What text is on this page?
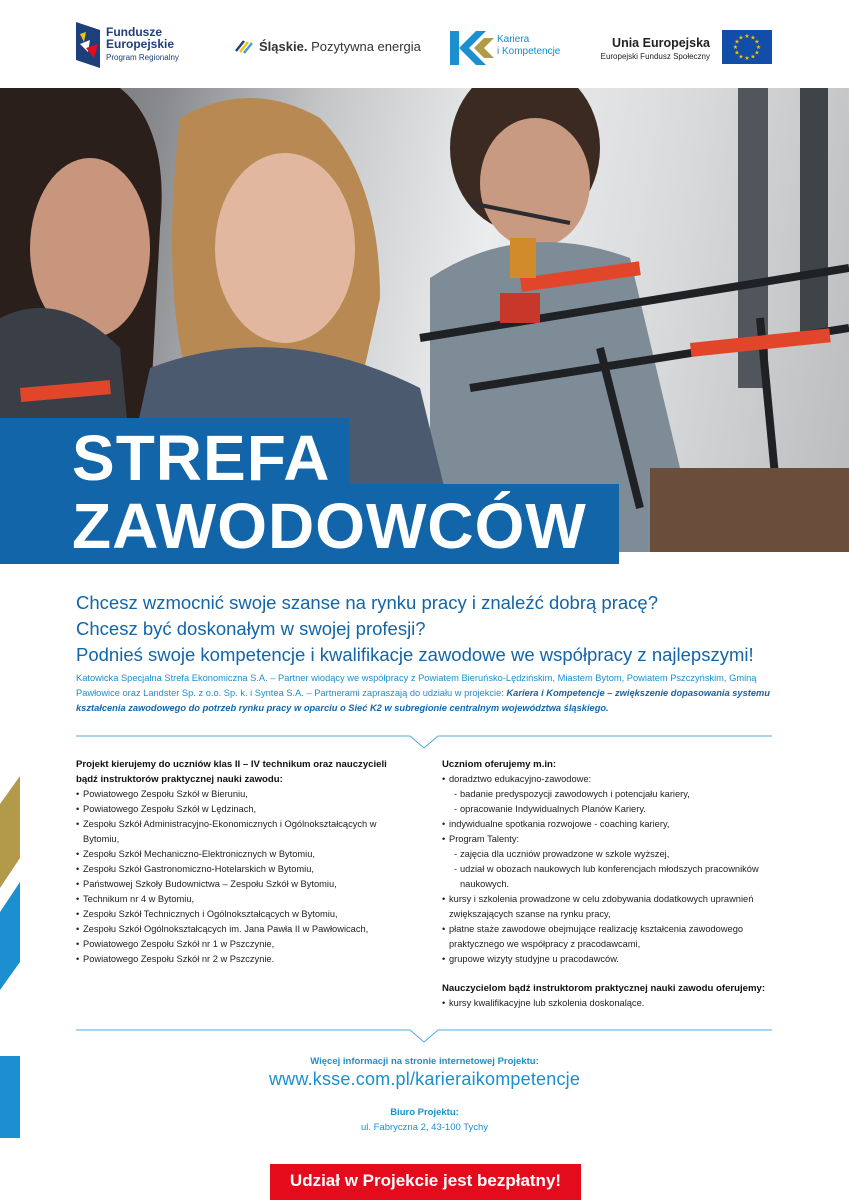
Fundusze
Europejskie
Program Regionalny
Śląskie. Pozytywna energia	Kariera
i Kompetencje
Unia Europejska
Europejski Fundusz Społeczny
★ ★
★
★
★
★
★
★
★
★
★
★
STREFA
ZAWODOWCÓW
Chcesz wzmocnić swoje szanse na rynku pracy i znaleźć dobrą pracę?
Chcesz być doskonałym w swojej profesji?
Podnieś swoje kompetencje i kwalifikacje zawodowe we współpracy z najlepszymi!

Katowicka Specjalna Strefa Ekonomiczna S.A. – Partner wiodący we współpracy z Powiatem Bieruńsko-Lędzińskim, Miastem Bytom, Powiatem Pszczyńskim, Gminą Pawłowice oraz Landster Sp. z o.o. Sp. k. i Syntea S.A. – Partnerami zapraszają do udziału w projekcie: Kariera i Kompetencje – zwiększenie dopasowania systemu kształcenia zawodowego do potrzeb rynku pracy w oparciu o Sieć K2 w subregionie centralnym województwa śląskiego.

Projekt kierujemy do uczniów klas II – IV technikum oraz nauczycieli bądź instruktorów praktycznej nauki zawodu:
• Powiatowego Zespołu Szkół w Bieruniu,
• Powiatowego Zespołu Szkół w Lędzinach,
• Zespołu Szkół Administracyjno-Ekonomicznych i Ogólnokształcących w Bytomiu,
• Zespołu Szkół Mechaniczno-Elektronicznych w Bytomiu,
• Zespołu Szkół Gastronomiczno-Hotelarskich w Bytomiu,
• Państwowej Szkoły Budownictwa – Zespołu Szkół w Bytomiu,
• Technikum nr 4 w Bytomiu,
• Zespołu Szkół Technicznych i Ogólnokształcących w Bytomiu,
• Zespołu Szkół Ogólnokształcących im. Jana Pawła II w Pawłowicach,
• Powiatowego Zespołu Szkół nr 1 w Pszczynie,
• Powiatowego Zespołu Szkół nr 2 w Pszczynie.
Uczniom oferujemy m.in:
• doradztwo edukacyjno-zawodowe:
- badanie predyspozycji zawodowych i potencjału kariery,
- opracowanie Indywidualnych Planów Kariery.
• indywidualne spotkania rozwojowe - coaching kariery,
• Program Talenty:
- zajęcia dla uczniów prowadzone w szkole wyższej,
- udział w obozach naukowych lub konferencjach młodszych pracowników naukowych.
• kursy i szkolenia prowadzone w celu zdobywania dodatkowych uprawnień zwiększających szanse na rynku pracy,
• płatne staże zawodowe obejmujące realizację kształcenia zawodowego praktycznego we współpracy z pracodawcami,
• grupowe wizyty studyjne u pracodawców.
Nauczycielom bądź instruktorom praktycznej nauki zawodu oferujemy:
• kursy kwalifikacyjne lub szkolenia doskonalące.
Więcej informacji na stronie internetowej Projektu:
www.ksse.com.pl/karieraikompetencje
Biuro Projektu:
ul. Fabryczna 2, 43-100 Tychy
Udział w Projekcie jest bezpłatny!
